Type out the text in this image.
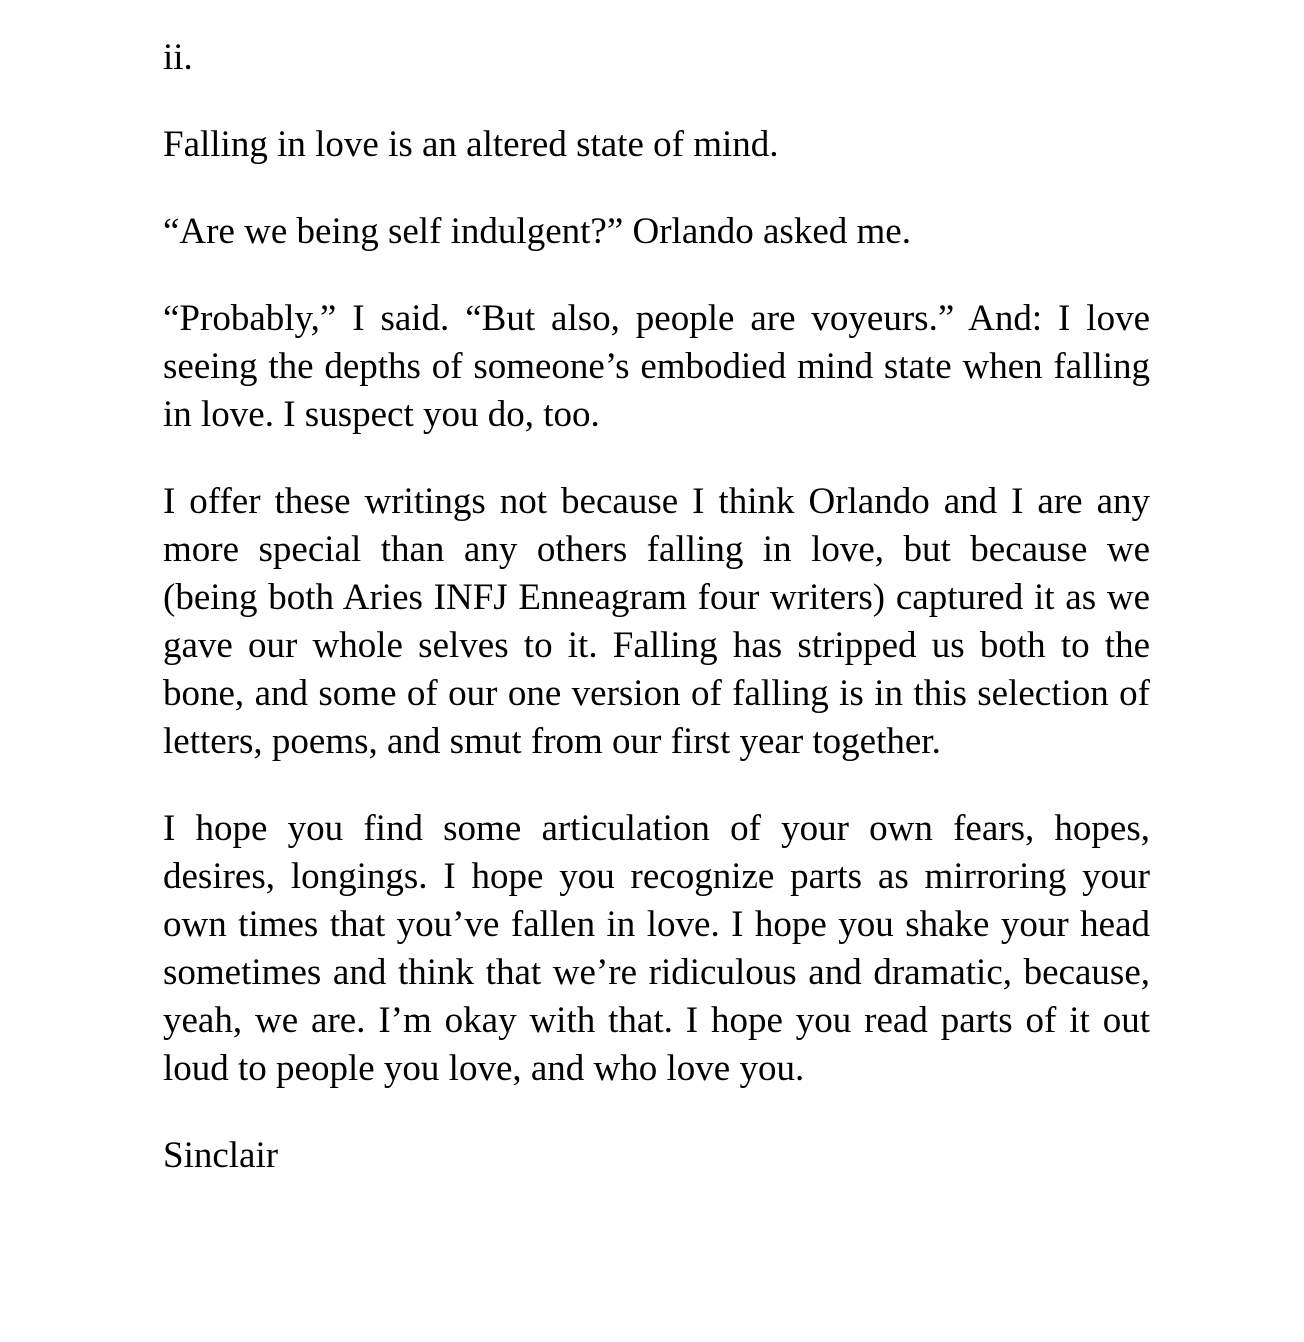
ii.

Falling in love is an altered state of mind.

“Are we being self indulgent?” Orlando asked me.

“Probably,” I said. “But also, people are voyeurs.” And: I love seeing the depths of someone’s embodied mind state when falling in love. I suspect you do, too.

I offer these writings not because I think Orlando and I are any more special than any others falling in love, but because we (being both Aries INFJ Enneagram four writers) captured it as we gave our whole selves to it. Falling has stripped us both to the bone, and some of our one version of falling is in this selection of letters, poems, and smut from our first year together.

I hope you find some articulation of your own fears, hopes, desires, longings. I hope you recognize parts as mirroring your own times that you’ve fallen in love. I hope you shake your head sometimes and think that we’re ridiculous and dramatic, because, yeah, we are. I’m okay with that. I hope you read parts of it out loud to people you love, and who love you.

Sinclair
